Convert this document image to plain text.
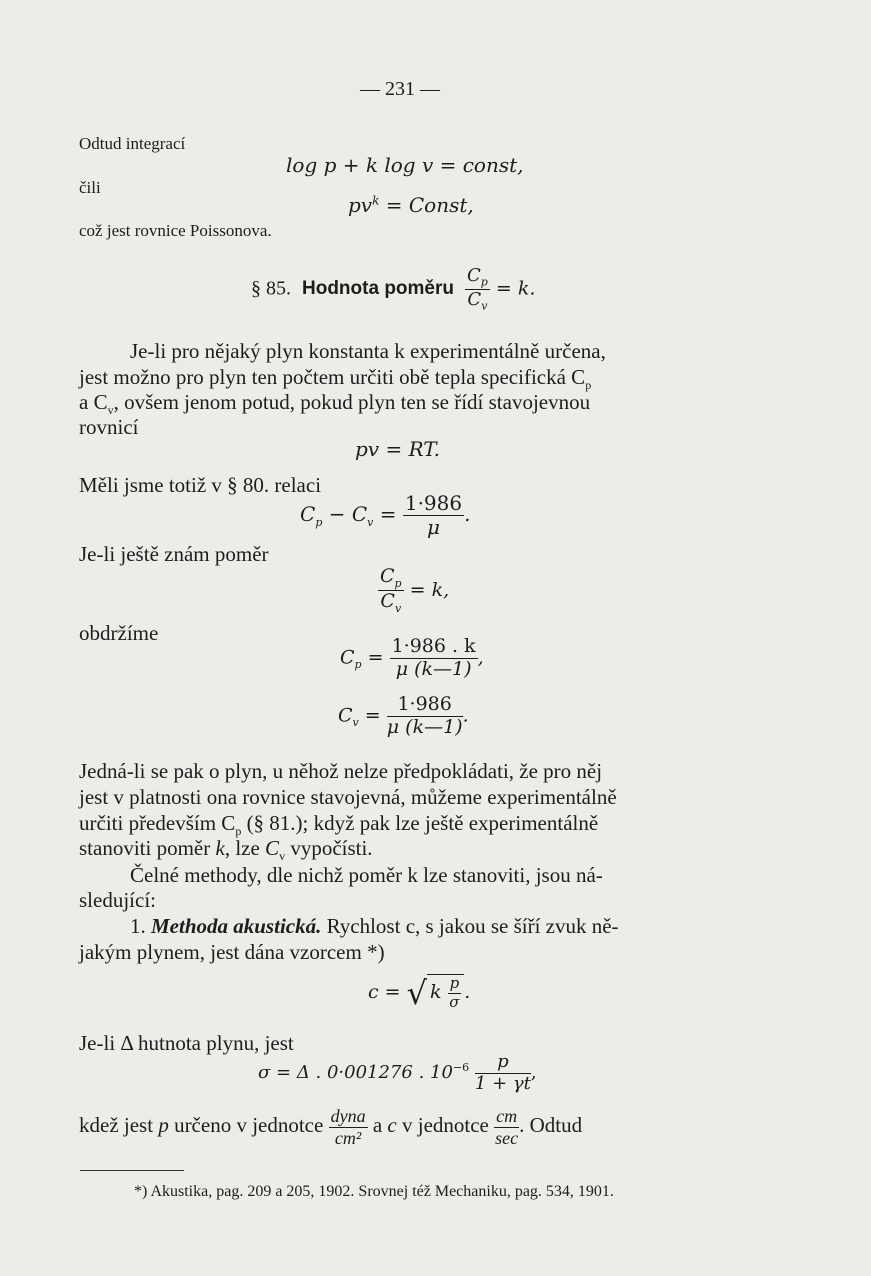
— 231 —
Odtud integrací
log p + k log v = const,
čili
$pv^k$ = Const,
což jest rovnice Poissonova.
§ 85. Hodnota poměru $\frac{C_p}{C_v} = k$.
Je-li pro nějaký plyn konstanta k experimentálně určena,
jest možno pro plyn ten počtem určiti obě tepla specifická $C_p$
a $C_v$, ovšem jenom potud, pokud plyn ten se řídí stavojevnou
rovnicí
pv = RT.
Měli jsme totiž v § 80. relaci
$C_p - C_v = \frac{1\cdot 986}{\mu}$ .
Je-li ještě znám poměr
$\frac{C_p}{C_v} = k$,
obdržíme
$C_p = \frac{1\cdot 986 . k}{\mu (k—1)}$ ,
$C_v = \frac{1\cdot 986}{\mu (k—1)}$ .
Jedná-li se pak o plyn, u něhož nelze předpokládati, že pro něj
jest v platnosti ona rovnice stavojevná, můžeme experimentálně
určiti především $C_p$ (§ 81.); když pak lze ještě experimentálně
stanoviti poměr k, lze $C_v$ vypočísti.
Čelné methody, dle nichž poměr k lze stanoviti, jsou ná-
sledující:
1. Methoda akustická. Rychlost c, s jakou se šíří zvuk ně-
jakým plynem, jest dána vzorcem *)
c = √ k $\frac{p}{\sigma}$ .
Je-li Δ hutnota plynu, jest
σ = Δ . 0·001276 . $10^{-6} \frac{p}{1 + \gamma t}$ ,
kdež jest p určeno v jednotce $\frac{\text{dyna}}{\text{cm²}}$ a c v jednotce $\frac{cm}{\sec}$ . Odtud
*) Akustika, pag. 209 a 205, 1902. Srovnej též Mechaniku, pag. 534, 1901.
